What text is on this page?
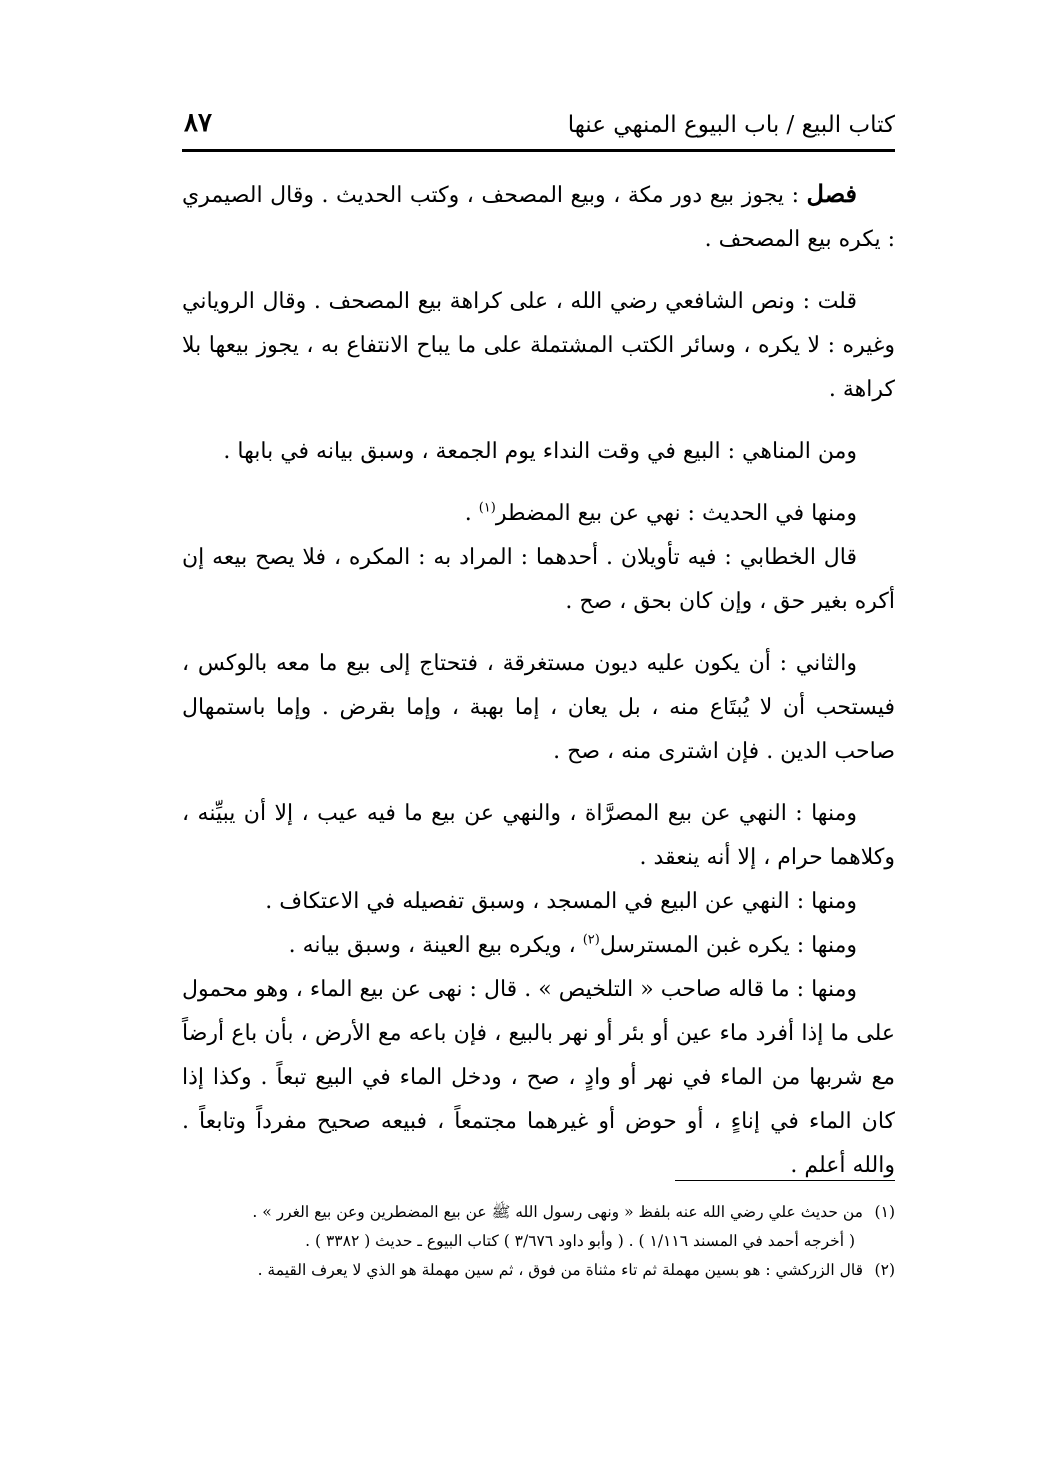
كتاب البيع / باب البيوع المنهي عنها
٨٧

فصل : يجوز بيع دور مكة ، وبيع المصحف ، وكتب الحديث . وقال الصيمري : يكره بيع المصحف .

قلت : ونص الشافعي رضي الله ، على كراهة بيع المصحف . وقال الروياني وغيره : لا يكره ، وسائر الكتب المشتملة على ما يباح الانتفاع به ، يجوز بيعها بلا كراهة .

ومن المناهي : البيع في وقت النداء يوم الجمعة ، وسبق بيانه في بابها .

ومنها في الحديث : نهي عن بيع المضطر$^{(١)}$ .

قال الخطابي : فيه تأويلان . أحدهما : المراد به : المكره ، فلا يصح بيعه إن أكره بغير حق ، وإن كان بحق ، صح .

والثاني : أن يكون عليه ديون مستغرقة ، فتحتاج إلى بيع ما معه بالوكس ، فيستحب أن لا يُبتَاع منه ، بل يعان ، إما بهبة ، وإما بقرض . وإما باستمهال صاحب الدين . فإن اشترى منه ، صح .

ومنها : النهي عن بيع المصرَّاة ، والنهي عن بيع ما فيه عيب ، إلا أن يبيِّنه ، وكلاهما حرام ، إلا أنه ينعقد .

ومنها : النهي عن البيع في المسجد ، وسبق تفصيله في الاعتكاف .

ومنها : يكره غبن المسترسل$^{(٢)}$ ، ويكره بيع العينة ، وسبق بيانه .

ومنها : ما قاله صاحب « التلخيص » . قال : نهى عن بيع الماء ، وهو محمول على ما إذا أفرد ماء عين أو بئر أو نهر بالبيع ، فإن باعه مع الأرض ، بأن باع أرضاً مع شربها من الماء في نهر أو وادٍ ، صح ، ودخل الماء في البيع تبعاً . وكذا إذا كان الماء في إناءٍ ، أو حوض أو غيرهما مجتمعاً ، فبيعه صحيح مفرداً وتابعاً . والله أعلم .

(١)من حديث علي رضي الله عنه بلفظ « ونهى رسول الله ﷺ عن بيع المضطرين وعن بيع الغرر » .

( أخرجه أحمد في المسند ١/١١٦ ) . ( وأبو داود ٣/٦٧٦ ) كتاب البيوع ـ حديث ( ٣٣٨٢ ) .

(٢)قال الزركشي : هو بسين مهملة ثم تاء مثناة من فوق ، ثم سين مهملة هو الذي لا يعرف القيمة .
